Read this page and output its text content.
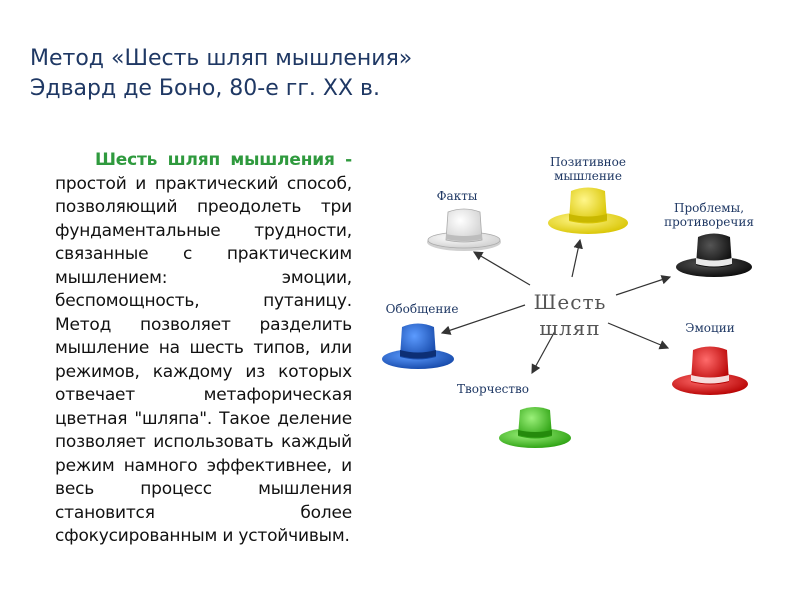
Метод «Шесть шляп мышления»
Эдвард де Боно, 80-е гг. XX в.
Шесть шляп мышления - простой и практический способ, позволяющий преодолеть три фундаментальные трудности, связанные с практическим мышлением: эмоции, беспомощность, путаницу. Метод позволяет разделить мышление на шесть типов, или режимов, каждому из которых отвечает метафорическая цветная "шляпа". Такое деление позволяет использовать каждый режим намного эффективнее, и весь процесс мышления становится более сфокусированным и устойчивым.
Шесть
шляп
Факты
Позитивное
мышление
Проблемы,
противоречия
Обобщение
Эмоции
Творчество
